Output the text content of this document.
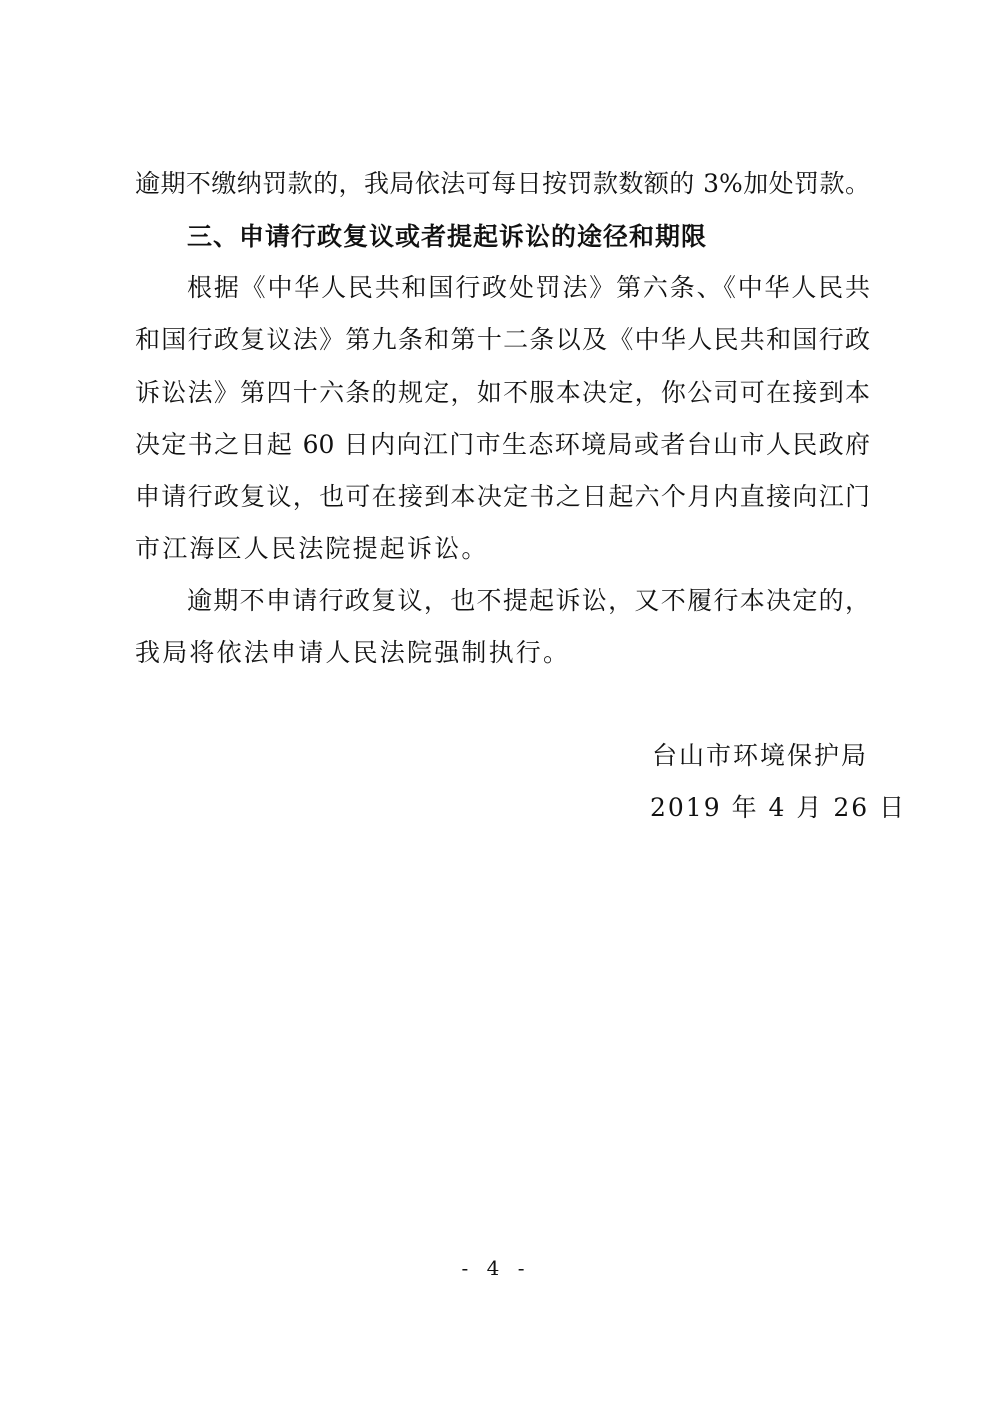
逾期不缴纳罚款的，我局依法可每日按罚款数额的 3%加处罚款。
三、申请行政复议或者提起诉讼的途径和期限
根据《中华人民共和国行政处罚法》第六条、《中华人民共
和国行政复议法》第九条和第十二条以及《中华人民共和国行政
诉讼法》第四十六条的规定，如不服本决定，你公司可在接到本
决定书之日起 60 日内向江门市生态环境局或者台山市人民政府
申请行政复议，也可在接到本决定书之日起六个月内直接向江门
市江海区人民法院提起诉讼。
逾期不申请行政复议，也不提起诉讼，又不履行本决定的，
我局将依法申请人民法院强制执行。
台山市环境保护局
2019 年 4 月 26 日
- 4 -
